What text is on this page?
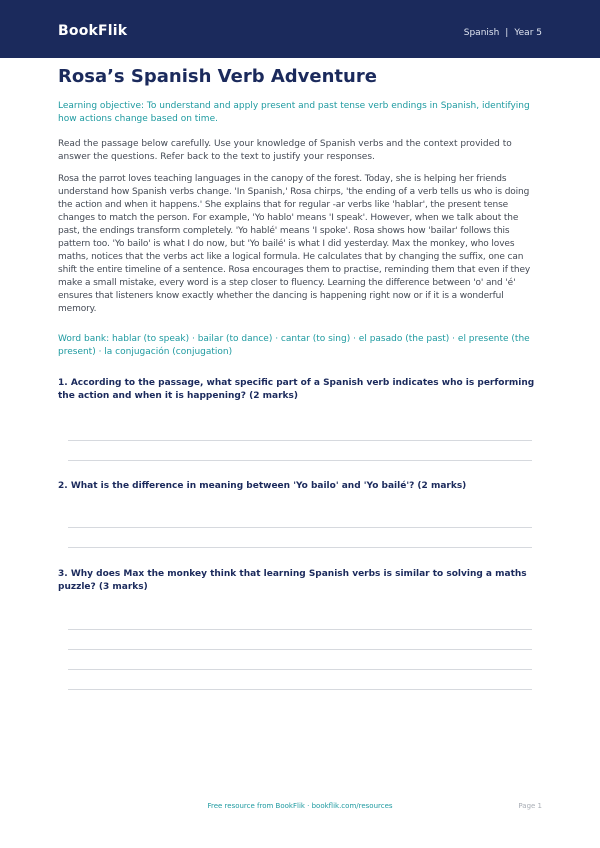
BookFlik	Spanish | Year 5
Rosa’s Spanish Verb Adventure

Learning objective: To understand and apply present and past tense verb endings in Spanish, identifying how actions change based on time.

Read the passage below carefully. Use your knowledge of Spanish verbs and the context provided to answer the questions. Refer back to the text to justify your responses.

Rosa the parrot loves teaching languages in the canopy of the forest. Today, she is helping her friends understand how Spanish verbs change. 'In Spanish,' Rosa chirps, 'the ending of a verb tells us who is doing the action and when it happens.' She explains that for regular -ar verbs like 'hablar', the present tense changes to match the person. For example, 'Yo hablo' means 'I speak'. However, when we talk about the past, the endings transform completely. 'Yo hablé' means 'I spoke'. Rosa shows how 'bailar' follows this pattern too. 'Yo bailo' is what I do now, but 'Yo bailé' is what I did yesterday. Max the monkey, who loves maths, notices that the verbs act like a logical formula. He calculates that by changing the suffix, one can shift the entire timeline of a sentence. Rosa encourages them to practise, reminding them that even if they make a small mistake, every word is a step closer to fluency. Learning the difference between 'o' and 'é' ensures that listeners know exactly whether the dancing is happening right now or if it is a wonderful memory.

Word bank: hablar (to speak) · bailar (to dance) · cantar (to sing) · el pasado (the past) · el presente (the present) · la conjugación (conjugation)

1. According to the passage, what specific part of a Spanish verb indicates who is performing the action and when it is happening? (2 marks)

2. What is the difference in meaning between 'Yo bailo' and 'Yo bailé'? (2 marks)

3. Why does Max the monkey think that learning Spanish verbs is similar to solving a maths puzzle? (3 marks)

Free resource from BookFlik · bookflik.com/resources	Page 1
